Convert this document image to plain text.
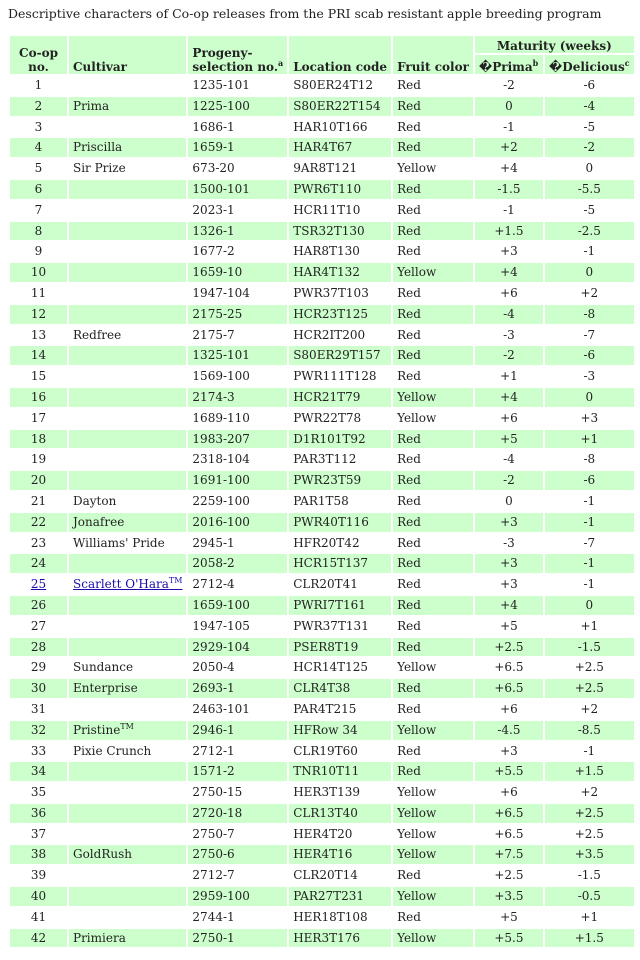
Descriptive characters of Co-op releases from the PRI scab resistant apple breeding program
Co-op
no.	Cultivar	Progeny-
selection no.$^a$	Location code	Fruit color	Maturity (weeks)	
					�Prima$^b$	�Delicious$^c$
1		1235-101	S80ER24T12	Red	-2	-6
2	Prima	1225-100	S80ER22T154	Red	0	-4
3		1686-1	HAR10T166	Red	-1	-5
4	Priscilla	1659-1	HAR4T67	Red	+2	-2
5	Sir Prize	673-20	9AR8T121	Yellow	+4	0
6		1500-101	PWR6T110	Red	-1.5	-5.5
7		2023-1	HCR11T10	Red	-1	-5
8		1326-1	TSR32T130	Red	+1.5	-2.5
9		1677-2	HAR8T130	Red	+3	-1
10		1659-10	HAR4T132	Yellow	+4	0
11		1947-104	PWR37T103	Red	+6	+2
12		2175-25	HCR23T125	Red	-4	-8
13	Redfree	2175-7	HCR2IT200	Red	-3	-7
14		1325-101	S80ER29T157	Red	-2	-6
15		1569-100	PWR111T128	Red	+1	-3
16		2174-3	HCR21T79	Yellow	+4	0
17		1689-110	PWR22T78	Yellow	+6	+3
18		1983-207	D1R101T92	Red	+5	+1
19		2318-104	PAR3T112	Red	-4	-8
20		1691-100	PWR23T59	Red	-2	-6
21	Dayton	2259-100	PAR1T58	Red	0	-1
22	Jonafree	2016-100	PWR40T116	Red	+3	-1
23	Williams' Pride	2945-1	HFR20T42	Red	-3	-7
24		2058-2	HCR15T137	Red	+3	-1
25	Scarlett O'Hara™	2712-4	CLR20T41	Red	+3	-1
26		1659-100	PWRI7T161	Red	+4	0
27		1947-105	PWR37T131	Red	+5	+1
28		2929-104	PSER8T19	Red	+2.5	-1.5
29	Sundance	2050-4	HCR14T125	Yellow	+6.5	+2.5
30	Enterprise	2693-1	CLR4T38	Red	+6.5	+2.5
31		2463-101	PAR4T215	Red	+6	+2
32	Pristine™	2946-1	HFRow 34	Yellow	-4.5	-8.5
33	Pixie Crunch	2712-1	CLR19T60	Red	+3	-1
34		1571-2	TNR10T11	Red	+5.5	+1.5
35		2750-15	HER3T139	Yellow	+6	+2
36		2720-18	CLR13T40	Yellow	+6.5	+2.5
37		2750-7	HER4T20	Yellow	+6.5	+2.5
38	GoldRush	2750-6	HER4T16	Yellow	+7.5	+3.5
39		2712-7	CLR20T14	Red	+2.5	-1.5
40		2959-100	PAR27T231	Yellow	+3.5	-0.5
41		2744-1	HER18T108	Red	+5	+1
42	Primiera	2750-1	HER3T176	Yellow	+5.5	+1.5
